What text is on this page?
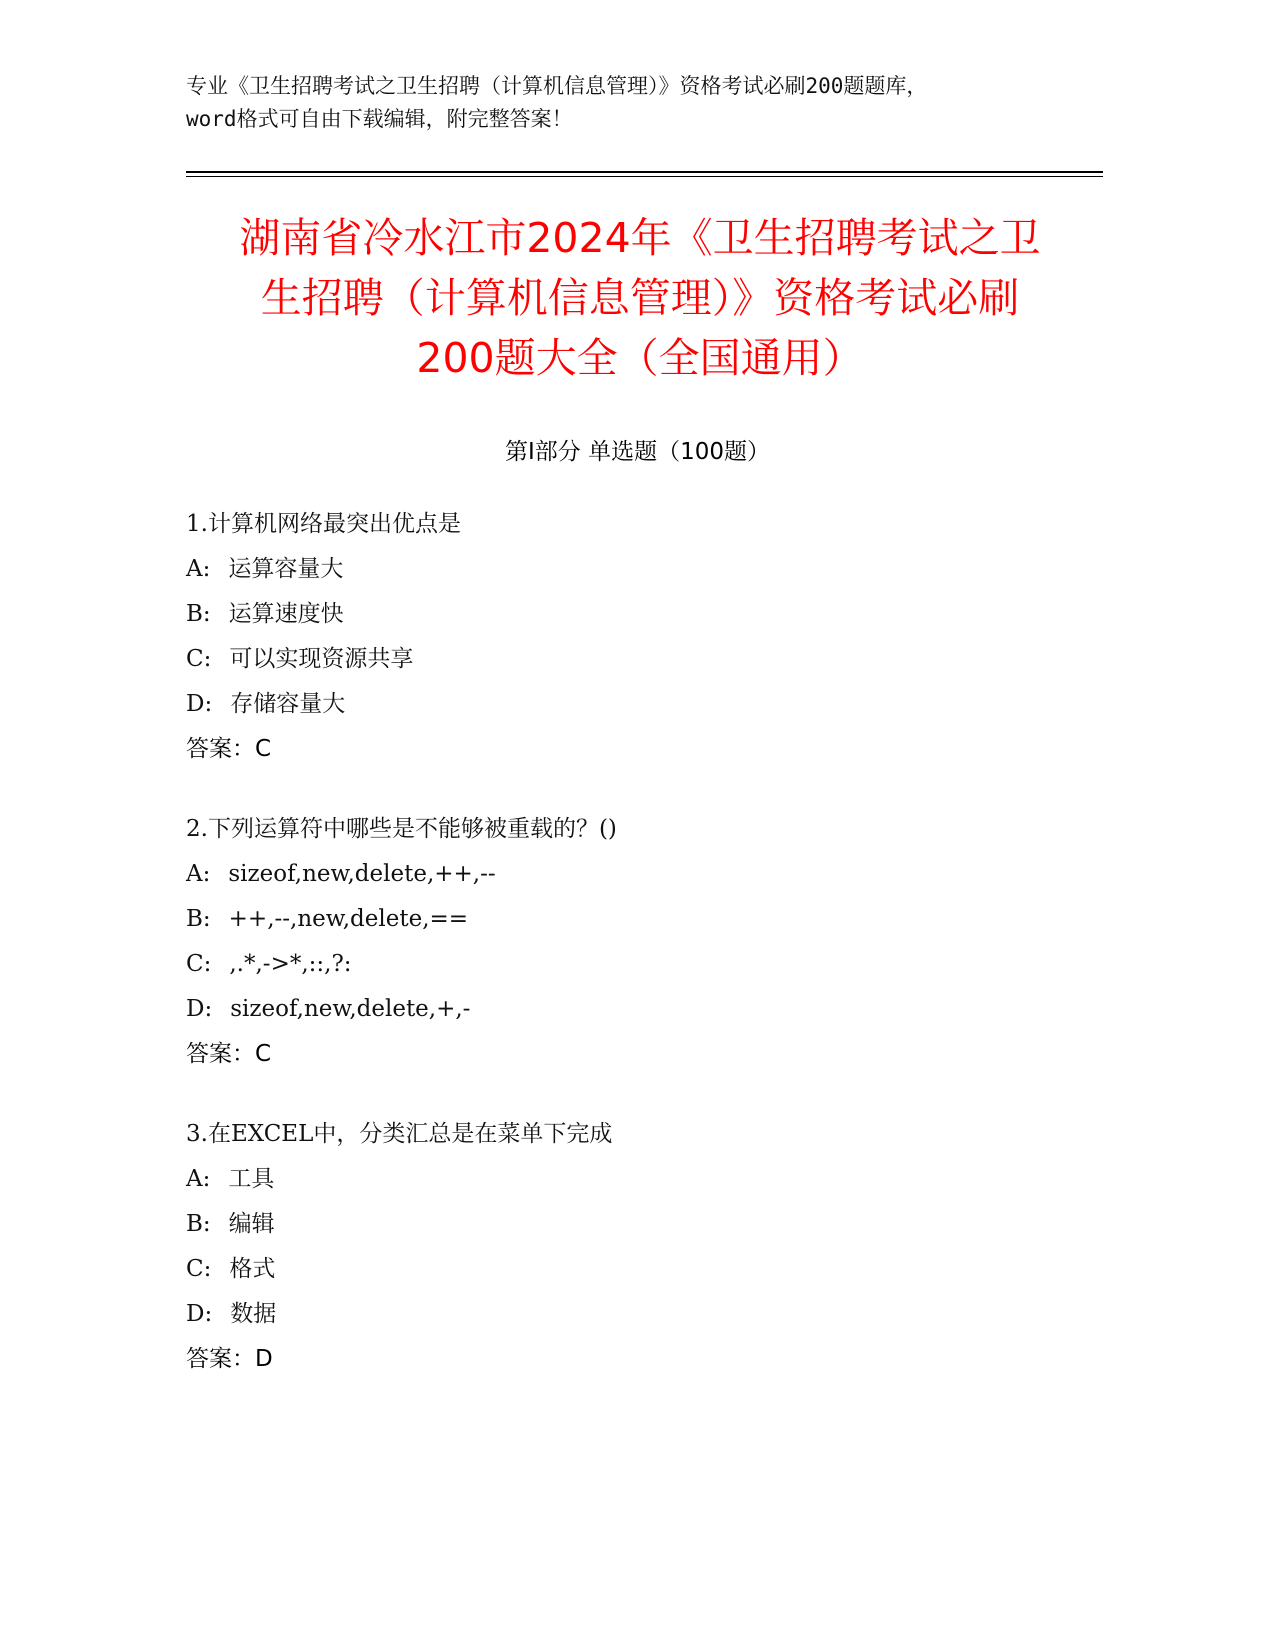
专业《卫生招聘考试之卫生招聘（计算机信息管理）》资格考试必刷200题题库，
word格式可自由下载编辑，附完整答案！
湖南省冷水江市2024年《卫生招聘考试之卫
生招聘（计算机信息管理）》资格考试必刷
200题大全（全国通用）
第I部分 单选题（100题）
1.计算机网络最突出优点是
A: 运算容量大
B: 运算速度快
C: 可以实现资源共享
D: 存储容量大
答案：C
2.下列运算符中哪些是不能够被重载的？()
A: sizeof,new,delete,++,--
B: ++,--,new,delete,==
C: ,.*,->*,::,?:
D: sizeof,new,delete,+,-
答案：C
3.在EXCEL中，分类汇总是在菜单下完成
A: 工具
B: 编辑
C: 格式
D: 数据
答案：D
